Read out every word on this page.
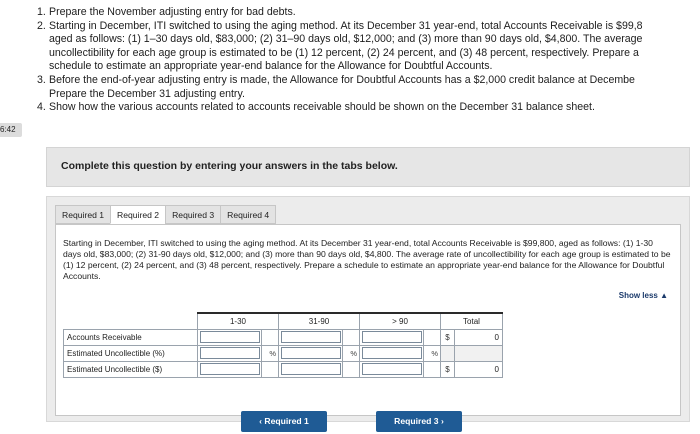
1. Prepare the November adjusting entry for bad debts.
2. Starting in December, ITI switched to using the aging method. At its December 31 year-end, total Accounts Receivable is $99,8
aged as follows: (1) 1–30 days old, $83,000; (2) 31–90 days old, $12,000; and (3) more than 90 days old, $4,800. The average
uncollectibility for each age group is estimated to be (1) 12 percent, (2) 24 percent, and (3) 48 percent, respectively. Prepare a
schedule to estimate an appropriate year-end balance for the Allowance for Doubtful Accounts.
3. Before the end-of-year adjusting entry is made, the Allowance for Doubtful Accounts has a $2,000 credit balance at Decembe
Prepare the December 31 adjusting entry.
4. Show how the various accounts related to accounts receivable should be shown on the December 31 balance sheet.
6:42
Complete this question by entering your answers in the tabs below.
Required 1	Required 2	Required 3	Required 4
Starting in December, ITI switched to using the aging method. At its December 31 year-end, total Accounts Receivable is $99,800, aged as follows: (1) 1-30 days old, $83,000; (2) 31-90 days old, $12,000; and (3) more than 90 days old, $4,800. The average rate of uncollectibility for each age group is estimated to be (1) 12 percent, (2) 24 percent, and (3) 48 percent, respectively. Prepare a schedule to estimate an appropriate year-end balance for the Allowance for Doubtful Accounts.
Show less ▲
	1-30		31-90		> 90		Total	
Accounts Receivable							$	0
Estimated Uncollectible (%)		%		%		%		
Estimated Uncollectible ($)							$	0
‹ Required 1	Required 3 ›
